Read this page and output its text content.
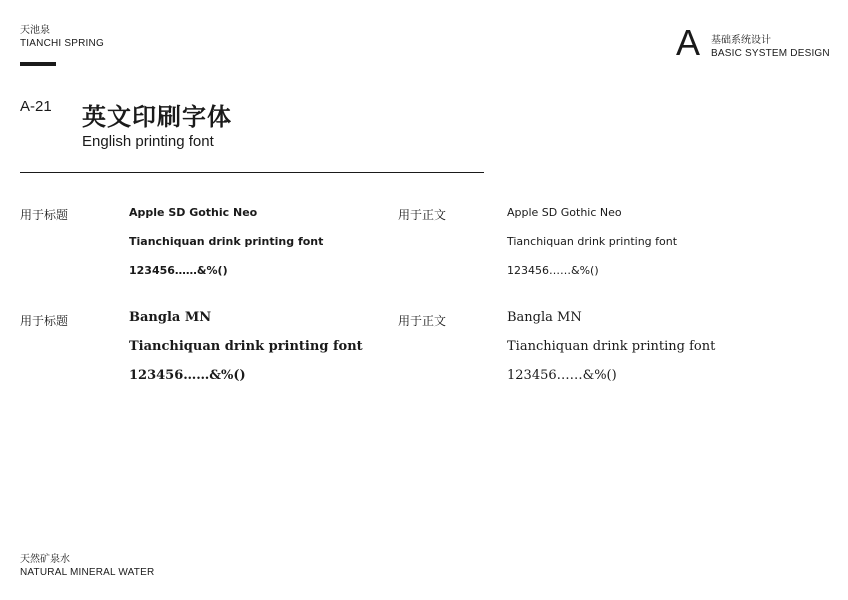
天池泉
TIANCHI SPRING	A 基础系统设计
BASIC SYSTEM DESIGN
A-21 英文印刷字体
English printing font
用于标题	Apple SD Gothic Neo
Tianchiquan drink printing font
123456……&%()
用于正文	Apple SD Gothic Neo
Tianchiquan drink printing font
123456……&%()
用于标题	Bangla MN
Tianchiquan drink printing font
123456……&%()
用于正文	Bangla MN
Tianchiquan drink printing font
123456……&%()
天然矿泉水
NATURAL MINERAL WATER
